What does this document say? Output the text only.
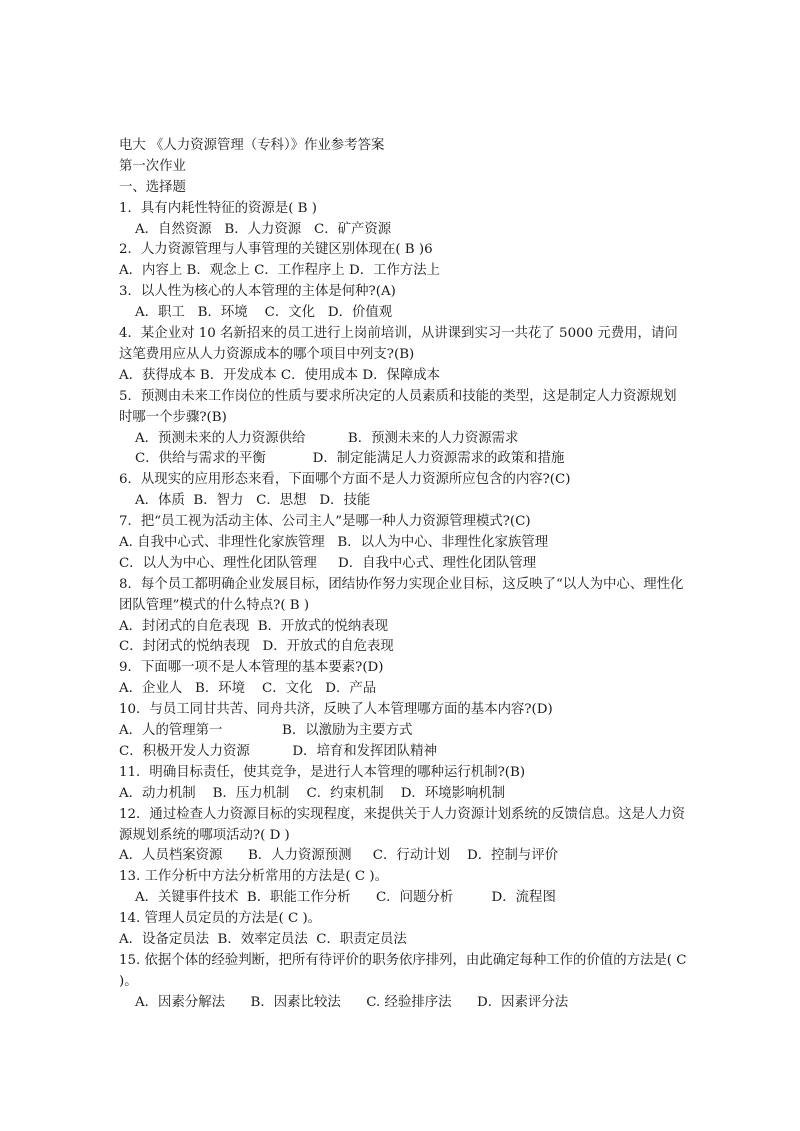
电大 《人力资源管理（专科）》作业参考答案
第一次作业
一、选择题
1．具有内耗性特征的资源是( B )
A．自然资源   B．人力资源   C．矿产资源
2．人力资源管理与人事管理的关键区别体现在( B )6
A．内容上 B．观念上 C．工作程序上 D．工作方法上
3．以人性为核心的人本管理的主体是何种?(A)
A．职工   B．环境    C．文化   D．价值观
4．某企业对 10 名新招来的员工进行上岗前培训，从讲课到实习一共花了 5000 元费用，请问这笔费用应从人力资源成本的哪个项目中列支?(B)
A．获得成本 B．开发成本 C．使用成本 D．保障成本
5．预测由未来工作岗位的性质与要求所决定的人员素质和技能的类型，这是制定人力资源规划时哪一个步骤?(B)
A．预测未来的人力资源供给          B．预测未来的人力资源需求
C．供给与需求的平衡           D．制定能满足人力资源需求的政策和措施
6．从现实的应用形态来看，下面哪个方面不是人力资源所应包含的内容?(C)
A．体质  B．智力   C．思想   D．技能
7．把“员工视为活动主体、公司主人”是哪一种人力资源管理模式?(C)
A. 自我中心式、非理性化家族管理   B．以人为中心、非理性化家族管理
C．以人为中心、理性化团队管理     D．自我中心式、理性化团队管理
8．每个员工都明确企业发展目标，团结协作努力实现企业目标，这反映了“以人为中心、理性化团队管理”模式的什么特点?( B )
A．封闭式的自危表现  B．开放式的悦纳表现
C．封闭式的悦纳表现   D．开放式的自危表现
9．下面哪一项不是人本管理的基本要素?(D)
A．企业人   B．环境    C．文化   D．产品
10．与员工同甘共苦、同舟共济，反映了人本管理哪方面的基本内容?(D)
A．人的管理第一              B．以激励为主要方式
C．积极开发人力资源          D．培育和发挥团队精神
11．明确目标责任，使其竞争，是进行人本管理的哪种运行机制?(B)
A．动力机制    B．压力机制    C．约束机制    D．环境影响机制
12．通过检查人力资源目标的实现程度，来提供关于人力资源计划系统的反馈信息。这是人力资源规划系统的哪项活动?( D )
A．人员档案资源      B．人力资源预测     C．行动计划    D．控制与评价
13. 工作分析中方法分析常用的方法是( C )。
A．关键事件技术  B．职能工作分析      C．问题分析         D．流程图
14. 管理人员定员的方法是( C )。
A．设备定员法  B．效率定员法  C．职责定员法
15. 依据个体的经验判断，把所有待评价的职务依序排列，由此确定每种工作的价值的方法是( C )。
A．因素分解法      B．因素比较法      C. 经验排序法      D．因素评分法
